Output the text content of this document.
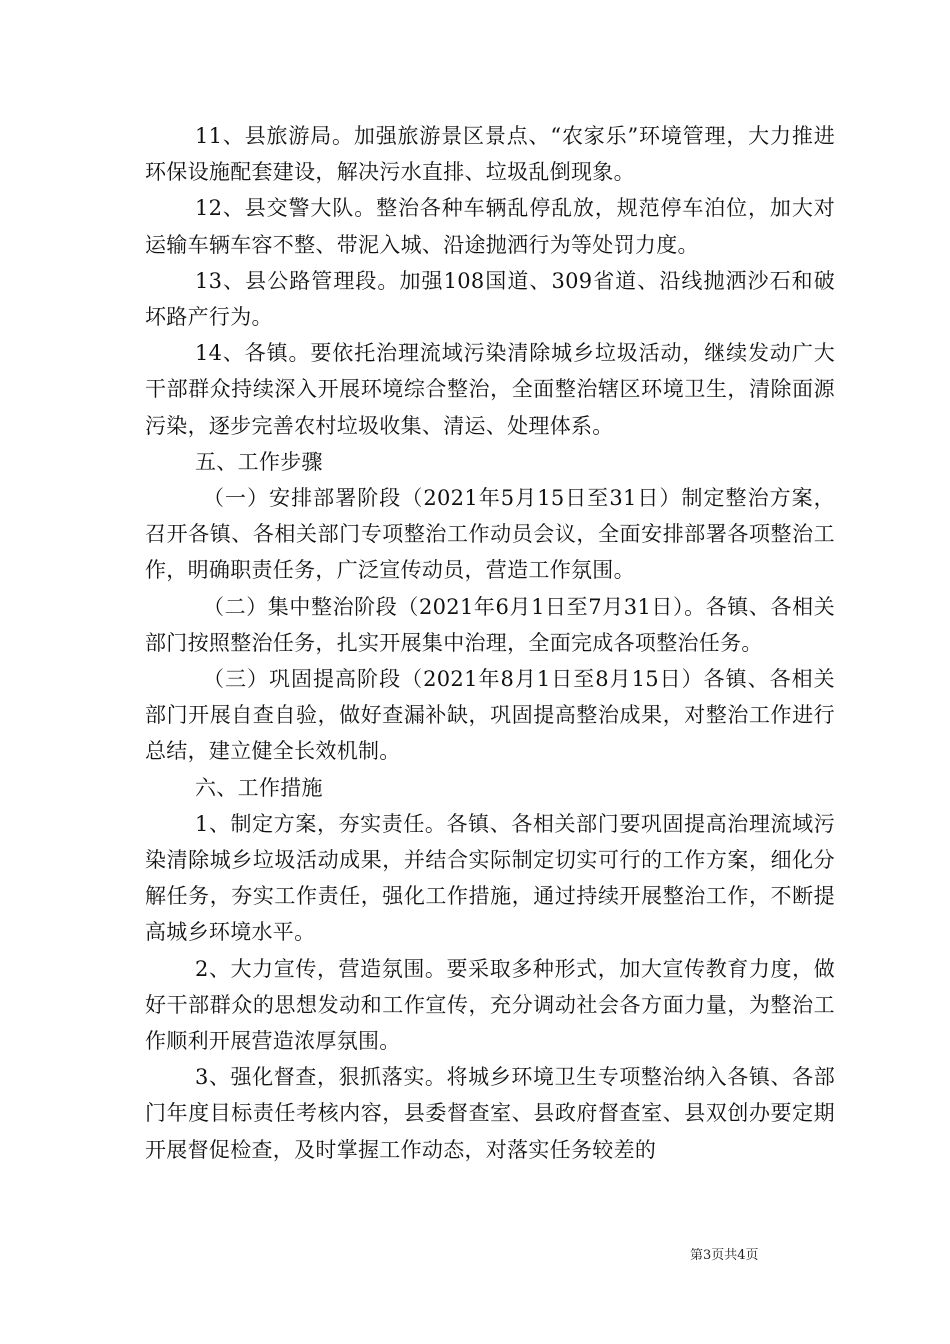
11、县旅游局。加强旅游景区景点、“农家乐”环境管理，大力推进环保设施配套建设，解决污水直排、垃圾乱倒现象。

12、县交警大队。整治各种车辆乱停乱放，规范停车泊位，加大对运输车辆车容不整、带泥入城、沿途抛洒行为等处罚力度。

13、县公路管理段。加强108国道、309省道、沿线抛洒沙石和破坏路产行为。

14、各镇。要依托治理流域污染清除城乡垃圾活动，继续发动广大干部群众持续深入开展环境综合整治，全面整治辖区环境卫生，清除面源污染，逐步完善农村垃圾收集、清运、处理体系。

五、工作步骤

（一）安排部署阶段（2021年5月15日至31日）制定整治方案，召开各镇、各相关部门专项整治工作动员会议，全面安排部署各项整治工作，明确职责任务，广泛宣传动员，营造工作氛围。

（二）集中整治阶段（2021年6月1日至7月31日）。各镇、各相关部门按照整治任务，扎实开展集中治理，全面完成各项整治任务。

（三）巩固提高阶段（2021年8月1日至8月15日）各镇、各相关部门开展自查自验，做好查漏补缺，巩固提高整治成果，对整治工作进行总结，建立健全长效机制。

六、工作措施

1、制定方案，夯实责任。各镇、各相关部门要巩固提高治理流域污染清除城乡垃圾活动成果，并结合实际制定切实可行的工作方案，细化分解任务，夯实工作责任，强化工作措施，通过持续开展整治工作，不断提高城乡环境水平。

2、大力宣传，营造氛围。要采取多种形式，加大宣传教育力度，做好干部群众的思想发动和工作宣传，充分调动社会各方面力量，为整治工作顺利开展营造浓厚氛围。

3、强化督查，狠抓落实。将城乡环境卫生专项整治纳入各镇、各部门年度目标责任考核内容，县委督查室、县政府督查室、县双创办要定期开展督促检查，及时掌握工作动态，对落实任务较差的

第3页共4页
